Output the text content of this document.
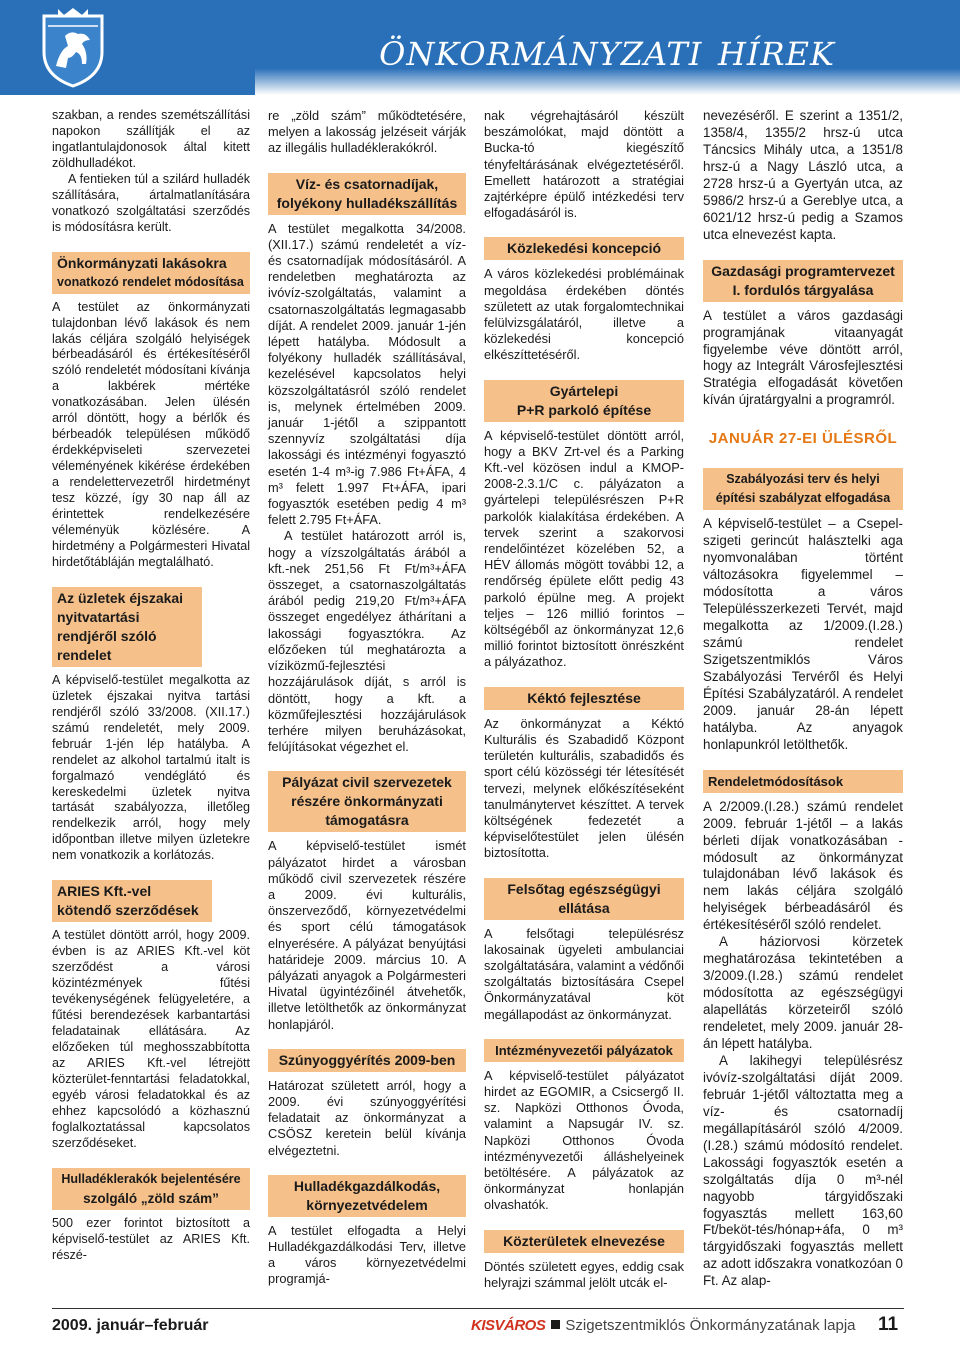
önkormányzati hírek

szakban, a rendes szemétszállítási napokon szállítják el az ingatlantulajdonosok által kitett zöldhulladékot.

A fentieken túl a szilárd hulladék szállítására, ártalmatlanítására vonatkozó szolgáltatási szerződés is módosításra került.

Önkormányzati lakásokra
vonatkozó rendelet módosítása

A testület az önkormányzati tulajdonban lévő lakások és nem lakás céljára szolgáló helyiségek bérbeadásáról és értékesítéséről szóló rendeletét módosítani kívánja a lakbérek mértéke vonatkozásában. Jelen ülésén arról döntött, hogy a bérlők és bérbeadók településen működő érdekképviseleti szervezetei véleményének kikérése érdekében a rendelettervezetről hirdetményt tesz közzé, így 30 nap áll az érintettek rendelkezésére véleményük közlésére. A hirdetmény a Polgármesteri Hivatal hirdetőtábláján megtalálható.

Az üzletek éjszakai nyitvatartási rendjéről szóló rendelet

A képviselő-testület megalkotta az üzletek éjszakai nyitva tartási rendjéről szóló 33/2008. (XII.17.) számú rendeletét, mely 2009. február 1-jén lép hatályba. A rendelet az alkohol tartalmú italt is forgalmazó vendéglátó és kereskedelmi üzletek nyitva tartását szabályozza, illetőleg rendelkezik arról, hogy mely időpontban illetve milyen üzletekre nem vonatkozik a korlátozás.

ARIES Kft.-vel kötendő szerződések

A testület döntött arról, hogy 2009. évben is az ARIES Kft.-vel köt szerződést a városi közintézmények fűtési tevékenységének felügyeletére, a fűtési berendezések karbantartási feladatainak ellátására. Az előzőeken túl meghosszabbította az ARIES Kft.-vel létrejött közterület-fenntartási feladatokkal, egyéb városi feladatokkal és az ehhez kapcsolódó a közhasznú foglalkoztatással kapcsolatos szerződéseket.

Hulladéklerakók bejelentésére
szolgáló „zöld szám”

500 ezer forintot biztosított a képviselő-testület az ARIES Kft. részé-

re „zöld szám” működtetésére, melyen a lakosság jelzéseit várják az illegális hulladéklerakókról.

Víz- és csatornadíjak, folyékony hulladékszállítás

A testület megalkotta 34/2008. (XII.17.) számú rendeletét a víz- és csatornadíjak módosításáról. A rendeletben meghatározta az ivóvíz-szolgáltatás, valamint a csatornaszolgáltatás legmagasabb díját. A rendelet 2009. január 1-jén lépett hatályba. Módosult a folyékony hulladék szállításával, kezelésével kapcsolatos helyi közszolgáltatásról szóló rendelet is, melynek értelmében 2009. január 1-jétől a szippantott szennyvíz szolgáltatási díja lakossági és intézményi fogyasztó esetén 1-4 m³-ig 7.986 Ft+ÁFA, 4 m³ felett 1.997 Ft+ÁFA, ipari fogyasztók esetében pedig 4 m³ felett 2.795 Ft+ÁFA.

A testület határozott arról is, hogy a vízszolgáltatás árából a kft.-nek 251,56 Ft Ft/m³+ÁFA összeget, a csatornaszolgáltatás árából pedig 219,20 Ft/m³+ÁFA összeget engedélyez áthárítani a lakossági fogyasztókra. Az előzőeken túl meghatározta a víziközmű-fejlesztési hozzájárulások díját, s arról is döntött, hogy a kft. a közműfejlesztési hozzájárulások terhére milyen beruházásokat, felújításokat végezhet el.

Pályázat civil szervezetek részére önkormányzati támogatásra

A képviselő-testület ismét pályázatot hirdet a városban működő civil szervezetek részére a 2009. évi kulturális, önszerveződő, környezetvédelmi és sport célú támogatások elnyerésére. A pályázat benyújtási határideje 2009. március 10. A pályázati anyagok a Polgármesteri Hivatal ügyintézőinél átvehetők, illetve letölthetők az önkormányzat honlapjáról.

Szúnyoggyérítés 2009-ben

Határozat született arról, hogy a 2009. évi szúnyoggyérítési feladatait az önkormányzat a CSÖSZ keretein belül kívánja elvégeztetni.

Hulladékgazdálkodás, környezetvédelem

A testület elfogadta a Helyi Hulladékgazdálkodási Terv, illetve a város környezetvédelmi programjá-

nak végrehajtásáról készült beszámolókat, majd döntött a Bucka-tó kiegészítő tényfeltárásának elvégeztetéséről. Emellett határozott a stratégiai zajtérképre épülő intézkedési terv elfogadásáról is.

Közlekedési koncepció

A város közlekedési problémáinak megoldása érdekében döntés született az utak forgalomtechnikai felülvizsgálatáról, illetve a közlekedési koncepció elkészíttetéséről.

Gyártelepi
P+R parkoló építése

A képviselő-testület döntött arról, hogy a BKV Zrt-vel és a Parking Kft.-vel közösen indul a KMOP-2008-2.3.1/C c. pályázaton a gyártelepi településrészen P+R parkolók kialakítása érdekében. A tervek szerint a szakorvosi rendelőintézet közelében 52, a HÉV állomás mögött további 12, a rendőrség épülete előtt pedig 43 parkoló épülne meg. A projekt teljes – 126 millió forintos – költségéből az önkormányzat 12,6 millió forintot biztosított önrészként a pályázathoz.

Kéktó fejlesztése

Az önkormányzat a Kéktó Kulturális és Szabadidő Központ területén kulturális, szabadidős és sport célú közösségi tér létesítését tervezi, melynek előkészítéseként tanulmánytervet készíttet. A tervek költségének fedezetét a képviselőtestület jelen ülésén biztosította.

Felsőtag egészségügyi ellátása

A felsőtagi településrész lakosainak ügyeleti ambulanciai szolgáltatására, valamint a védőnői szolgáltatás biztosítására Csepel Önkormányzatával köt megállapodást az önkormányzat.

Intézményvezetői pályázatok

A képviselő-testület pályázatot hirdet az EGOMIR, a Csicsergő II. sz. Napközi Otthonos Óvoda, valamint a Napsugár IV. sz. Napközi Otthonos Óvoda intézményvezetői álláshelyeinek betöltésére. A pályázatok az önkormányzat honlapján olvashatók.

Közterületek elnevezése

Döntés született egyes, eddig csak helyrajzi számmal jelölt utcák el-

nevezéséről. E szerint a 1351/2, 1358/4, 1355/2 hrsz-ú utca Táncsics Mihály utca, a 1351/8 hrsz-ú a Nagy László utca, a 2728 hrsz-ú a Gyertyán utca, az 5986/2 hrsz-ú a Gereblye utca, a 6021/12 hrsz-ú pedig a Szamos utca elnevezést kapta.

Gazdasági programtervezet I. fordulós tárgyalása

A testület a város gazdasági programjának vitaanyagát figyelembe véve döntött arról, hogy az Integrált Városfejlesztési Stratégia elfogadását követően kíván újratárgyalni a programról.

JANUÁR 27-EI ÜLÉSRŐL
Szabályozási terv és helyi
építési szabályzat elfogadása

A képviselő-testület – a Csepel-szigeti gerincút halásztelki aga nyomvonalában történt változásokra figyelemmel – módosította a város Településszerkezeti Tervét, majd megalkotta az 1/2009.(I.28.) számú rendelet Szigetszentmiklós Város Szabályozási Tervéről és Helyi Építési Szabályzatáról. A rendelet 2009. január 28-án lépett hatályba. Az anyagok honlapunkról letölthetők.

Rendeletmódosítások

A 2/2009.(I.28.) számú rendelet 2009. február 1-jétől – a lakás bérleti díjak vonatkozásában - módosult az önkormányzat tulajdonában lévő lakások és nem lakás céljára szolgáló helyiségek bérbeadásáról és értékesítéséről szóló rendelet.

A háziorvosi körzetek meghatározása tekintetében a 3/2009.(I.28.) számú rendelet módosította az egészségügyi alapellátás körzeteiről szóló rendeletet, mely 2009. január 28-án lépett hatályba.

A lakihegyi településrész ivóvíz-szolgáltatási díját 2009. február 1-jétől változtatta meg a víz- és csatornadíj megállapításáról szóló 4/2009.(I.28.) számú módosító rendelet. Lakossági fogyasztók esetén a szolgáltatás díja 0 m³-nél nagyobb tárgyidőszaki fogyasztás mellett 163,60 Ft/beköt-tés/hónap+áfa, 0 m³ tárgyidőszaki fogyasztás mellett az adott időszakra vonatkozóan 0 Ft. Az alap-

2009. január–február	KISVÁROS Szigetszentmiklós Önkormányzatának lapja 11
